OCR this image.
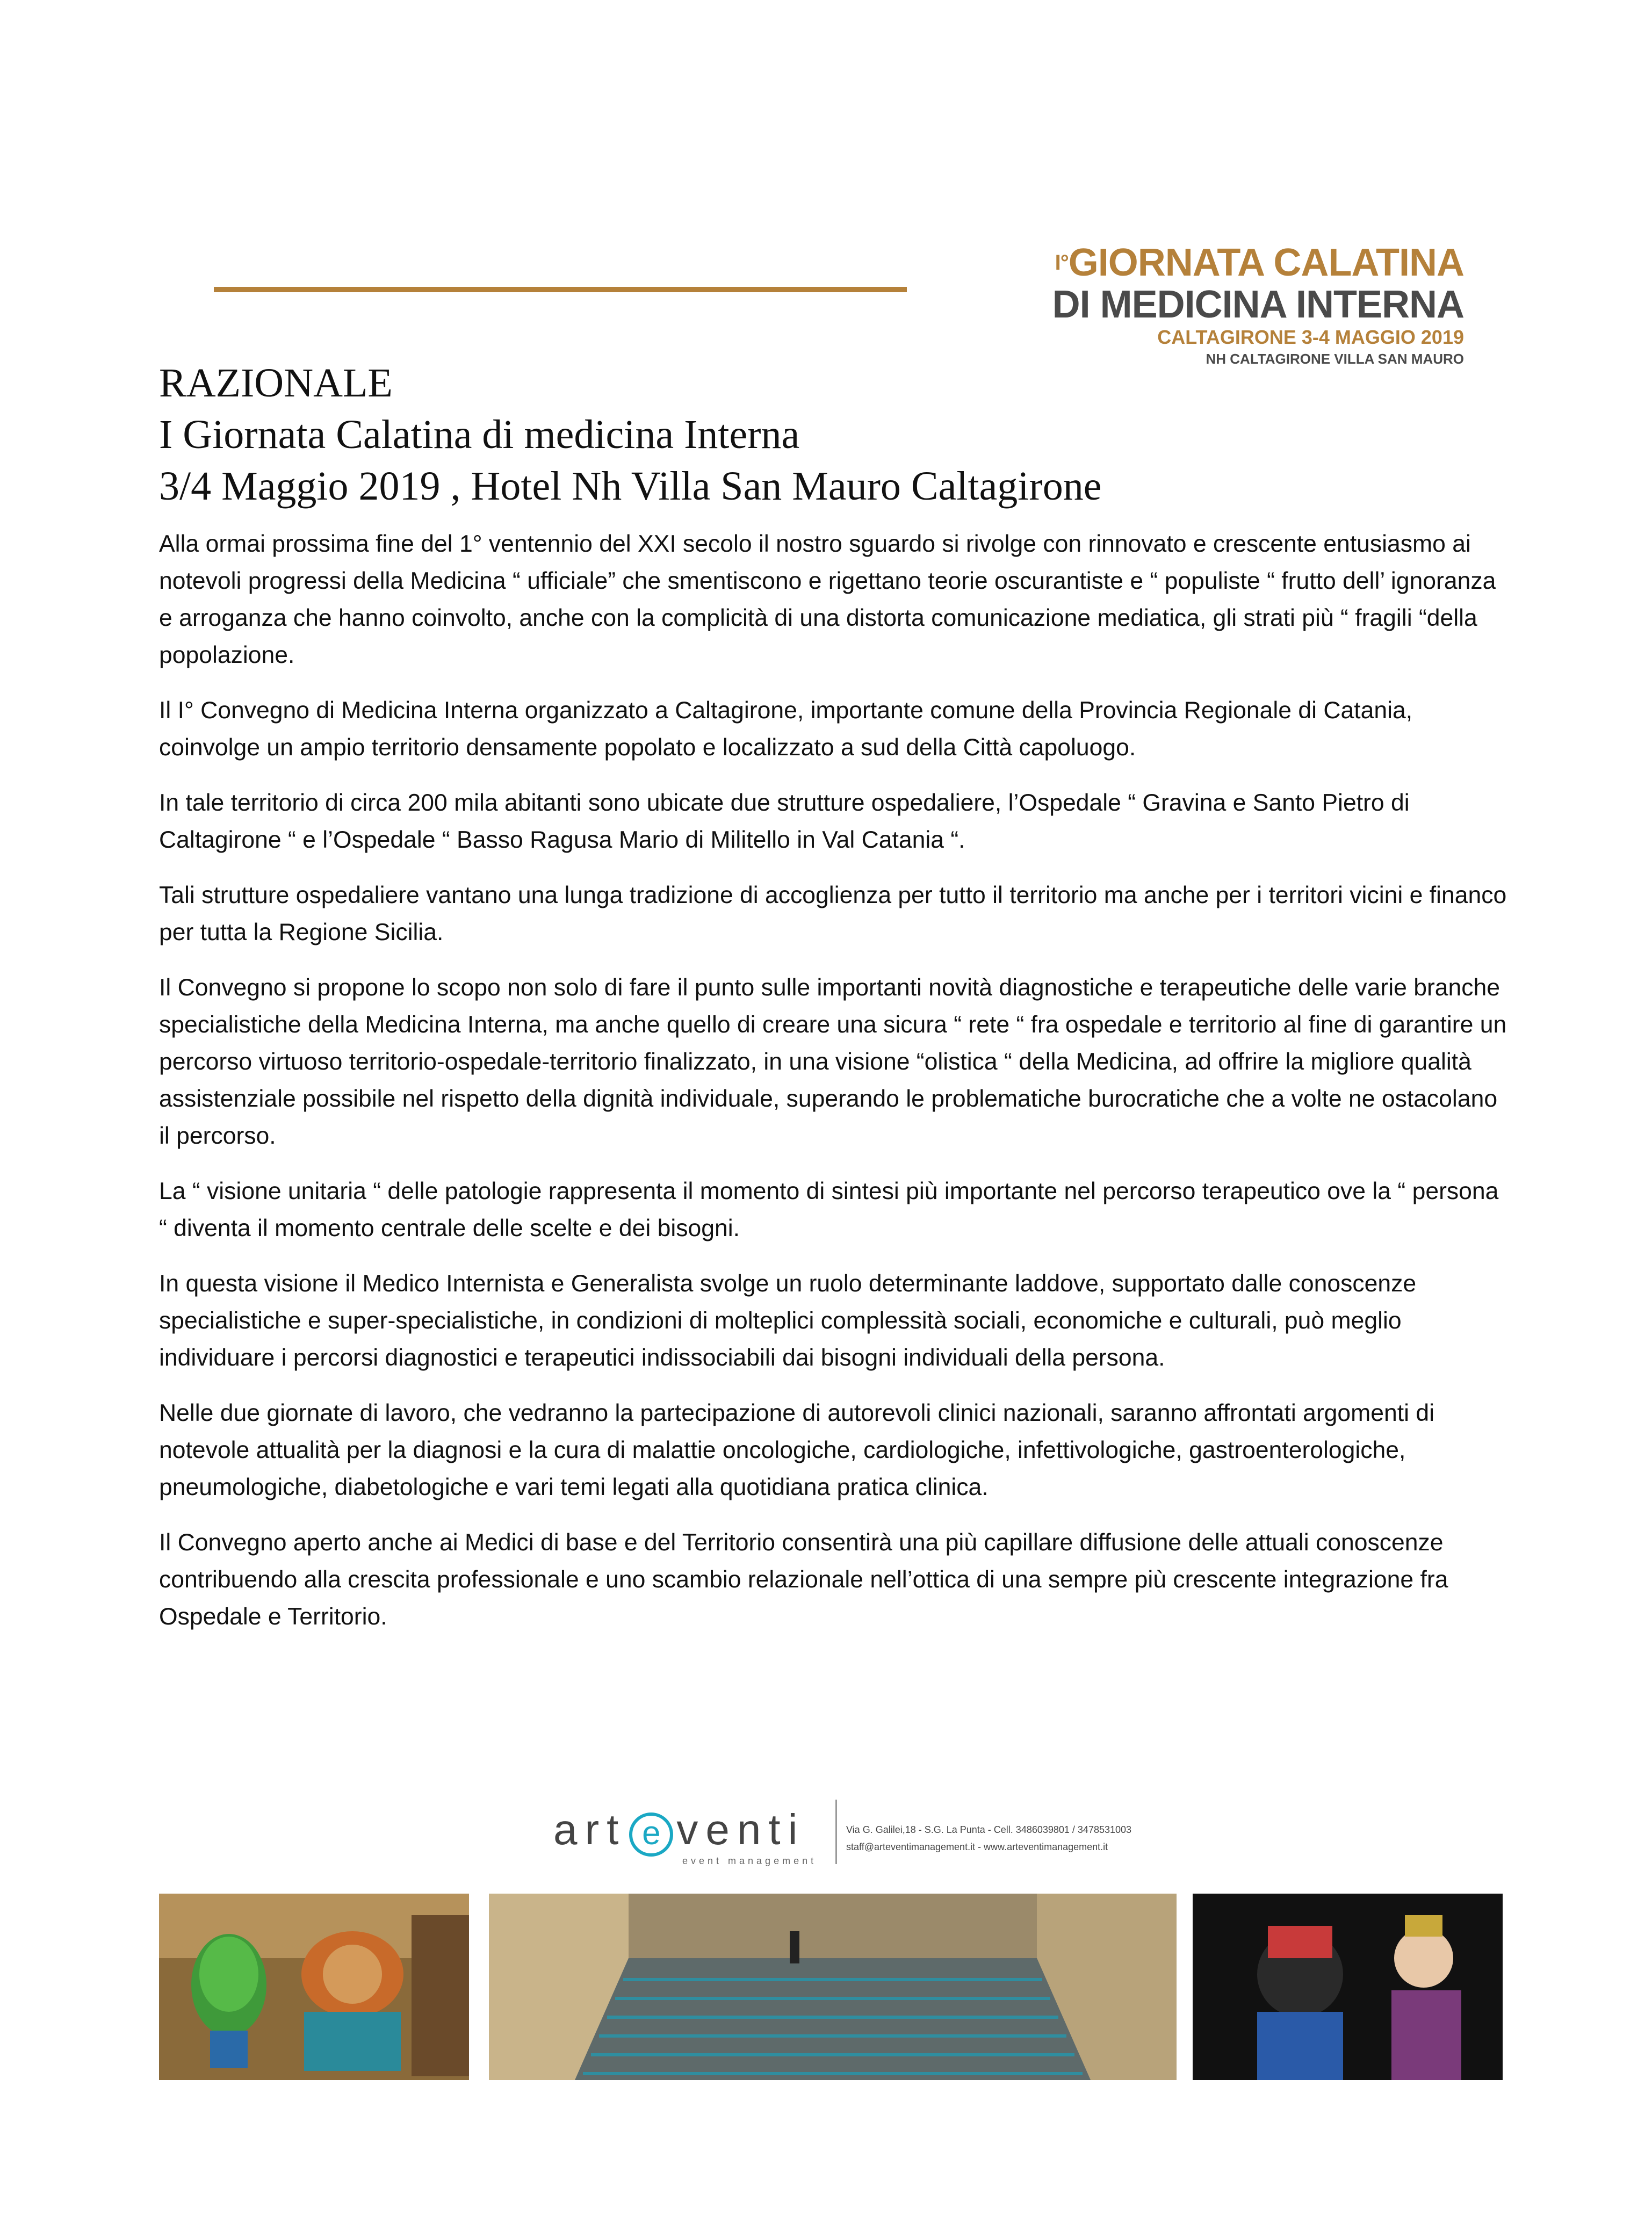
$^{I^\circ}$GIORNATA CALATINA
DI MEDICINA INTERNA
CALTAGIRONE 3-4 MAGGIO 2019
NH CALTAGIRONE VILLA SAN MAURO
RAZIONALE
I Giornata Calatina di medicina Interna
3/4 Maggio 2019 , Hotel Nh Villa San Mauro Caltagirone

Alla ormai prossima fine del 1° ventennio del XXI secolo il nostro sguardo si rivolge con rinnovato e crescente entusiasmo ai notevoli progressi della Medicina “ ufficiale” che smentiscono e rigettano teorie oscurantiste e “ populiste “ frutto dell’ ignoranza e arroganza che hanno coinvolto, anche con la complicità di una distorta comunicazione mediatica, gli strati più “ fragili “della popolazione.

Il I° Convegno di Medicina Interna organizzato a Caltagirone, importante comune della Provincia Regionale di Catania, coinvolge un ampio territorio densamente popolato e localizzato a sud della Città capoluogo.

In tale territorio di circa 200 mila abitanti sono ubicate due strutture ospedaliere, l’Ospedale “ Gravina e Santo Pietro di Caltagirone “ e l’Ospedale “ Basso Ragusa Mario di Militello in Val Catania “.

Tali strutture ospedaliere vantano una lunga tradizione di accoglienza per tutto il territorio ma anche per i territori vicini e financo per tutta la Regione Sicilia.

Il Convegno si propone lo scopo non solo di fare il punto sulle importanti novità diagnostiche e terapeutiche delle varie branche specialistiche della Medicina Interna, ma anche quello di creare una sicura “ rete “ fra ospedale e territorio al fine di garantire un percorso virtuoso territorio-ospedale-territorio finalizzato, in una visione “olistica “ della Medicina, ad offrire la migliore qualità assistenziale possibile nel rispetto della dignità individuale, superando le problematiche burocratiche che a volte ne ostacolano il percorso.

La “ visione unitaria “ delle patologie rappresenta il momento di sintesi più importante nel percorso terapeutico ove la “ persona “ diventa il momento centrale delle scelte e dei bisogni.

In questa visione il Medico Internista e Generalista svolge un ruolo determinante laddove, supportato dalle conoscenze specialistiche e super-specialistiche, in condizioni di molteplici complessità sociali, economiche e culturali, può meglio individuare i percorsi diagnostici e terapeutici indissociabili dai bisogni individuali della persona.

Nelle due giornate di lavoro, che vedranno la partecipazione di autorevoli clinici nazionali, saranno affrontati argomenti di notevole attualità per la diagnosi e la cura di malattie oncologiche, cardiologiche, infettivologiche, gastroenterologiche, pneumologiche, diabetologiche e vari temi legati alla quotidiana pratica clinica.

Il Convegno aperto anche ai Medici di base e del Territorio consentirà una più capillare diffusione delle attuali conoscenze contribuendo alla crescita professionale e uno scambio relazionale nell’ottica di una sempre più crescente integrazione fra Ospedale e Territorio.

art e venti
event management
Via G. Galilei,18 - S.G. La Punta - Cell. 3486039801 / 3478531003
staff@arteventimanagement.it - www.arteventimanagement.it
